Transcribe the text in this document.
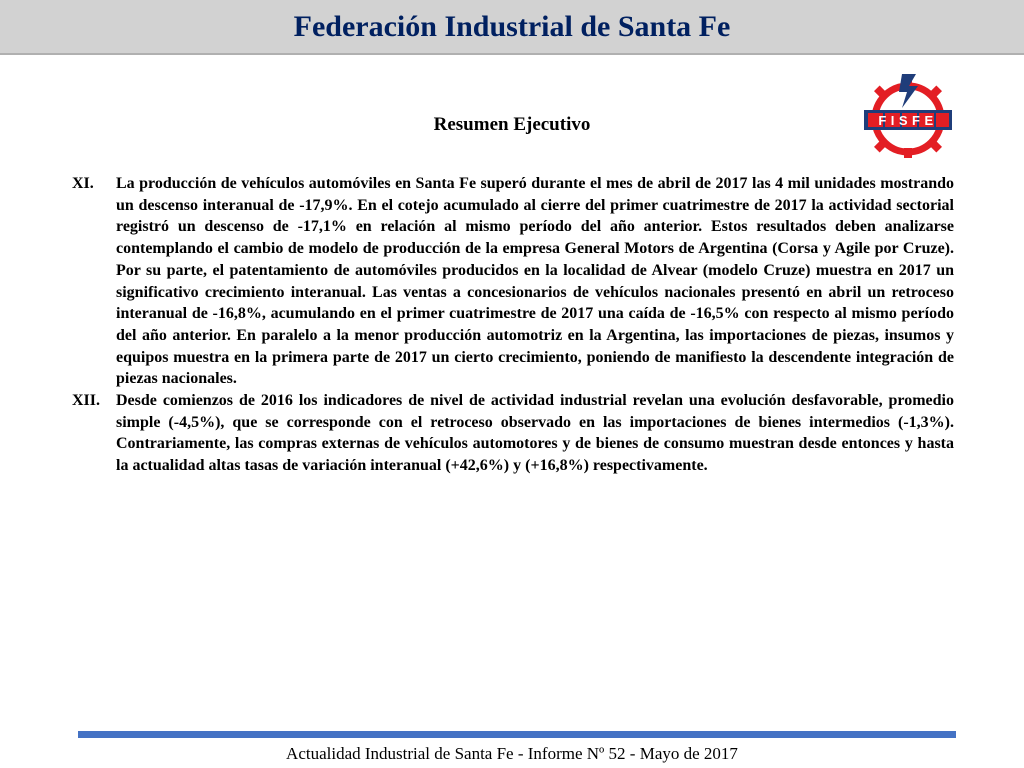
Federación Industrial de Santa Fe
FISFE
Resumen Ejecutivo
XI.	La producción de vehículos automóviles en Santa Fe superó durante el mes de abril de 2017 las 4 mil unidades mostrando un descenso interanual de -17,9%. En el cotejo acumulado al cierre del primer cuatrimestre de 2017 la actividad sectorial registró un descenso de -17,1% en relación al mismo período del año anterior. Estos resultados deben analizarse contemplando el cambio de modelo de producción de la empresa General Motors de Argentina (Corsa y Agile por Cruze). Por su parte, el patentamiento de automóviles producidos en la localidad de Alvear (modelo Cruze) muestra en 2017 un significativo crecimiento interanual. Las ventas a concesionarios de vehículos nacionales presentó en abril un retroceso interanual de -16,8%, acumulando en el primer cuatrimestre de 2017 una caída de -16,5% con respecto al mismo período del año anterior. En paralelo a la menor producción automotriz en la Argentina, las importaciones de piezas, insumos y equipos muestra en la primera parte de 2017 un cierto crecimiento, poniendo de manifiesto la descendente integración de piezas nacionales.
XII. Desde comienzos de 2016 los indicadores de nivel de actividad industrial revelan una evolución desfavorable, promedio simple (-4,5%), que se corresponde con el retroceso observado en las importaciones de bienes intermedios (-1,3%). Contrariamente, las compras externas de vehículos automotores y de bienes de consumo muestran desde entonces y hasta la actualidad altas tasas de variación interanual (+42,6%) y (+16,8%) respectivamente.
Actualidad Industrial de Santa Fe - Informe Nº 52 - Mayo de 2017
